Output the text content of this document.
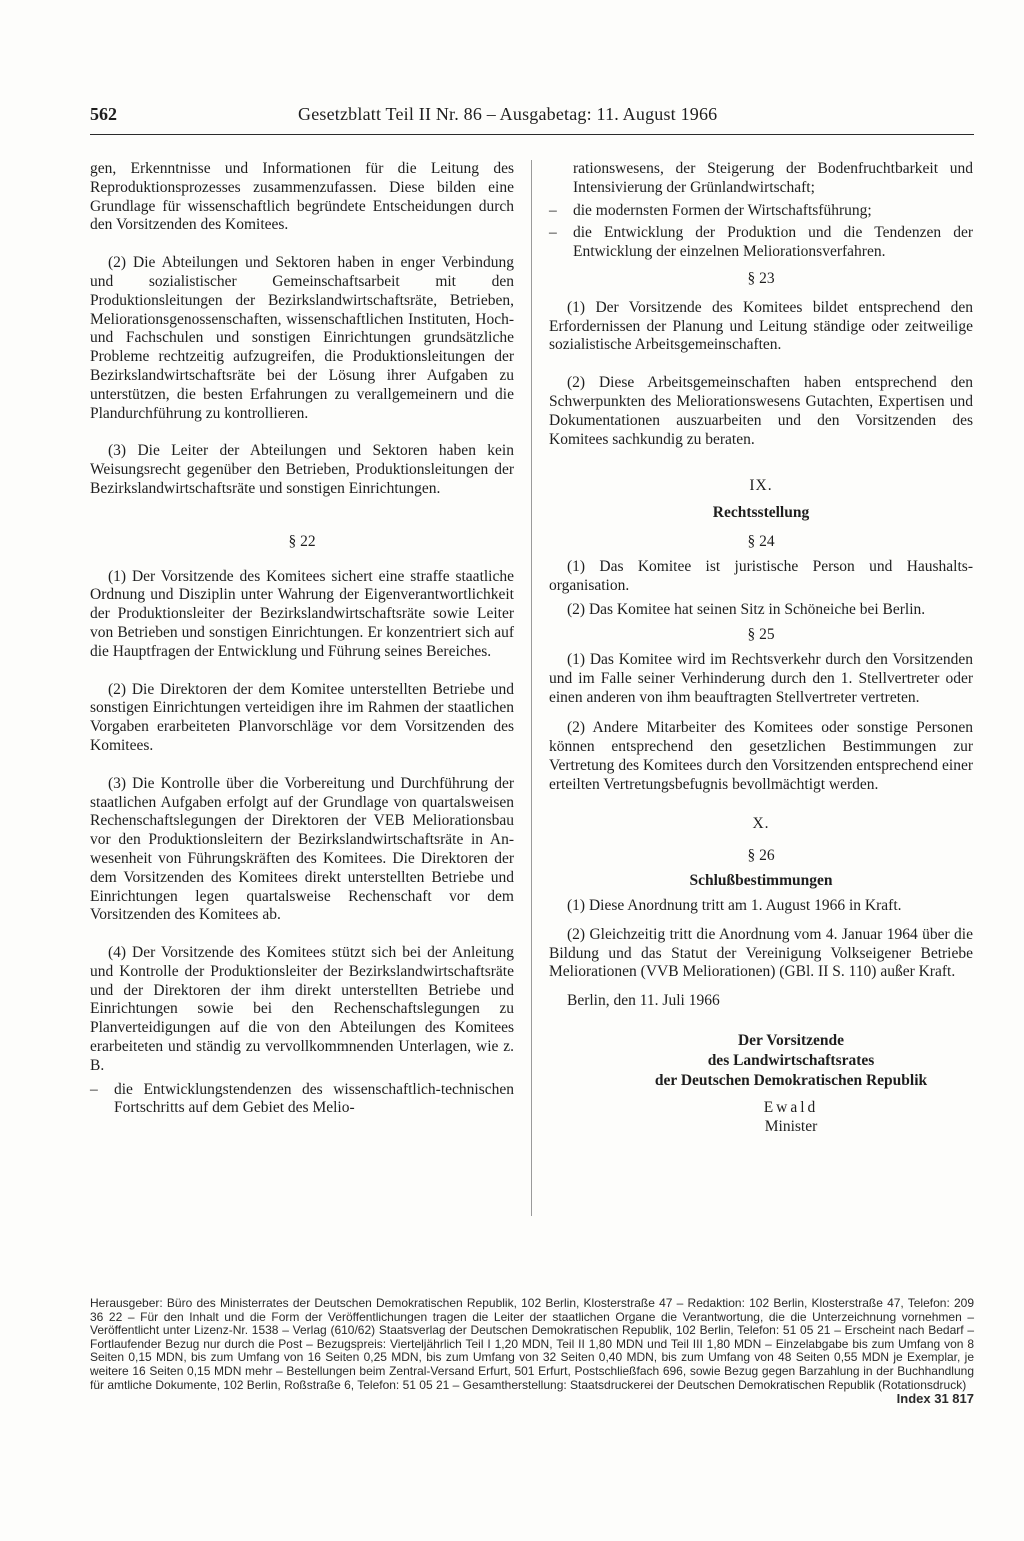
562	Gesetzblatt Teil II Nr. 86 – Ausgabetag: 11. August 1966

gen, Erkenntnisse und Informationen für die Leitung des Reproduktionsprozesses zusammenzufassen. Diese bilden eine Grundlage für wissenschaftlich begründete Entscheidungen durch den Vorsitzenden des Komitees.

(2) Die Abteilungen und Sektoren haben in enger Verbindung und sozialistischer Gemeinschaftsarbeit mit den Produktionsleitungen der Bezirkslandwirtschaftsräte, Betrieben, Meliorationsgenossenschaften, wissenschaftlichen Instituten, Hoch- und Fachschulen und sonstigen Einrichtungen grundsätzliche Probleme rechtzeitig aufzugreifen, die Produktionsleitungen der Bezirkslandwirtschaftsräte bei der Lösung ihrer Aufgaben zu unterstützen, die besten Erfahrungen zu verallgemeinern und die Plandurchführung zu kontrollieren.

(3) Die Leiter der Abteilungen und Sektoren haben kein Weisungsrecht gegenüber den Betrieben, Produktionsleitungen der Bezirkslandwirtschaftsräte und sonstigen Einrichtungen.

§ 22

(1) Der Vorsitzende des Komitees sichert eine straffe staatliche Ordnung und Disziplin unter Wahrung der Eigenverantwortlichkeit der Produktionsleiter der Bezirkslandwirtschaftsräte sowie Leiter von Betrieben und sonstigen Einrichtungen. Er konzentriert sich auf die Hauptfragen der Entwicklung und Führung seines Bereiches.

(2) Die Direktoren der dem Komitee unterstellten Betriebe und sonstigen Einrichtungen verteidigen ihre im Rahmen der staatlichen Vorgaben erarbeiteten Planvorschläge vor dem Vorsitzenden des Komitees.

(3) Die Kontrolle über die Vorbereitung und Durchführung der staatlichen Aufgaben erfolgt auf der Grundlage von quartalsweisen Rechenschaftslegungen der Direktoren der VEB Meliorationsbau vor den Produktionsleitern der Bezirkslandwirtschaftsräte in Anwesenheit von Führungskräften des Komitees. Die Direktoren der dem Vorsitzenden des Komitees direkt unterstellten Betriebe und Einrichtungen legen quartalsweise Rechenschaft vor dem Vorsitzenden des Komitees ab.

(4) Der Vorsitzende des Komitees stützt sich bei der Anleitung und Kontrolle der Produktionsleiter der Bezirkslandwirtschaftsräte und der Direktoren der ihm direkt unterstellten Betriebe und Einrichtungen sowie bei den Rechenschaftslegungen zu Planverteidigungen auf die von den Abteilungen des Komitees erarbeiteten und ständig zu vervollkommnenden Unterlagen, wie z. B.

– die Entwicklungstendenzen des wissenschaftlich-technischen Fortschritts auf dem Gebiet des Melio-
rationswesens, der Steigerung der Bodenfruchtbarkeit und Intensivierung der Grünlandwirtschaft;
– die modernsten Formen der Wirtschaftsführung;
– die Entwicklung der Produktion und die Tendenzen der Entwicklung der einzelnen Meliorationsverfahren.
§ 23

(1) Der Vorsitzende des Komitees bildet entsprechend den Erfordernissen der Planung und Leitung ständige oder zeitweilige sozialistische Arbeitsgemeinschaften.

(2) Diese Arbeitsgemeinschaften haben entsprechend den Schwerpunkten des Meliorationswesens Gutachten, Expertisen und Dokumentationen auszuarbeiten und den Vorsitzenden des Komitees sachkundig zu beraten.

IX.
Rechtsstellung
§ 24

(1) Das Komitee ist juristische Person und Haushaltsorganisation.

(2) Das Komitee hat seinen Sitz in Schöneiche bei Berlin.

§ 25

(1) Das Komitee wird im Rechtsverkehr durch den Vorsitzenden und im Falle seiner Verhinderung durch den 1. Stellvertreter oder einen anderen von ihm beauftragten Stellvertreter vertreten.

(2) Andere Mitarbeiter des Komitees oder sonstige Personen können entsprechend den gesetzlichen Bestimmungen zur Vertretung des Komitees durch den Vorsitzenden entsprechend einer erteilten Vertretungsbefugnis bevollmächtigt werden.

X.
§ 26
Schlußbestimmungen

(1) Diese Anordnung tritt am 1. August 1966 in Kraft.

(2) Gleichzeitig tritt die Anordnung vom 4. Januar 1964 über die Bildung und das Statut der Vereinigung Volkseigener Betriebe Meliorationen (VVB Meliorationen) (GBl. II S. 110) außer Kraft.

Berlin, den 11. Juli 1966
Der Vorsitzende
des Landwirtschaftsrates
der Deutschen Demokratischen Republik
Ewald
Minister
Herausgeber: Büro des Ministerrates der Deutschen Demokratischen Republik, 102 Berlin, Klosterstraße 47 – Redaktion: 102 Berlin, Klosterstraße 47, Telefon: 209 36 22 – Für den Inhalt und die Form der Veröffentlichungen tragen die Leiter der staatlichen Organe die Verantwortung, die die Unterzeichnung vornehmen – Veröffentlicht unter Lizenz-Nr. 1538 – Verlag (610/62) Staatsverlag der Deutschen Demokratischen Republik, 102 Berlin, Telefon: 51 05 21 – Erscheint nach Bedarf – Fortlaufender Bezug nur durch die Post – Bezugspreis: Vierteljährlich Teil I 1,20 MDN, Teil II 1,80 MDN und Teil III 1,80 MDN – Einzelabgabe bis zum Umfang von 8 Seiten 0,15 MDN, bis zum Umfang von 16 Seiten 0,25 MDN, bis zum Umfang von 32 Seiten 0,40 MDN, bis zum Umfang von 48 Seiten 0,55 MDN je Exemplar, je weitere 16 Seiten 0,15 MDN mehr – Bestellungen beim Zentral-Versand Erfurt, 501 Erfurt, Postschließfach 696, sowie Bezug gegen Barzahlung in der Buchhandlung für amtliche Dokumente, 102 Berlin, Roßstraße 6, Telefon: 51 05 21 – Gesamtherstellung: Staatsdruckerei der Deutschen Demokratischen Republik (Rotationsdruck)
Index 31 817
